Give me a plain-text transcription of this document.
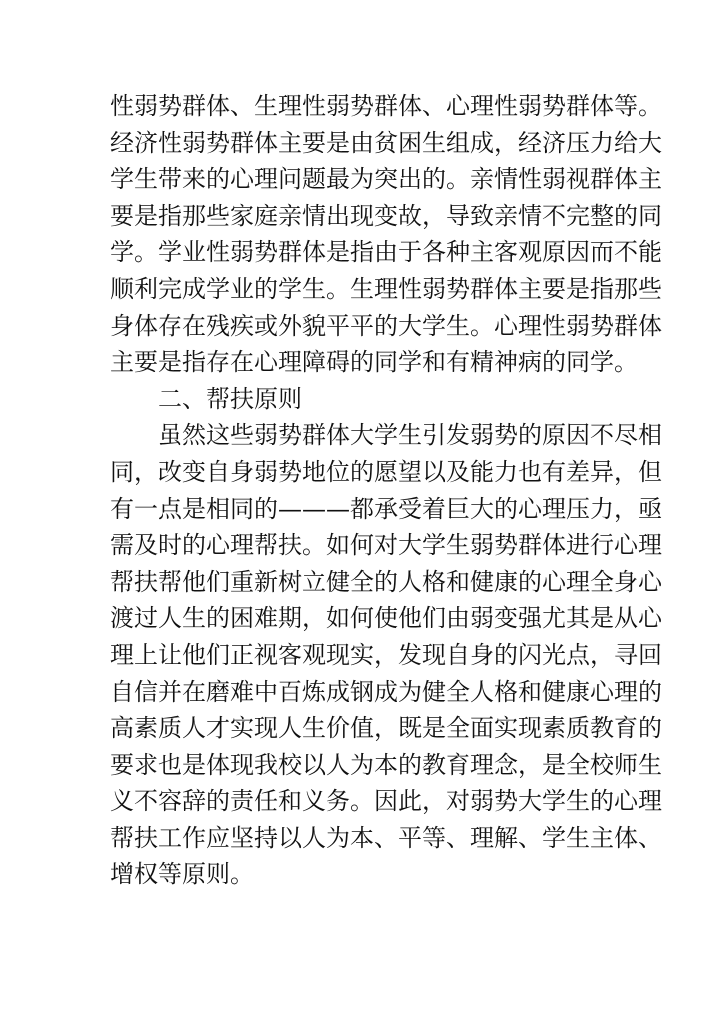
性弱势群体、生理性弱势群体、心理性弱势群体等。
经济性弱势群体主要是由贫困生组成，经济压力给大
学生带来的心理问题最为突出的。亲情性弱视群体主
要是指那些家庭亲情出现变故，导致亲情不完整的同
学。学业性弱势群体是指由于各种主客观原因而不能
顺利完成学业的学生。生理性弱势群体主要是指那些
身体存在残疾或外貌平平的大学生。心理性弱势群体
主要是指存在心理障碍的同学和有精神病的同学。
二、帮扶原则
虽然这些弱势群体大学生引发弱势的原因不尽相
同，改变自身弱势地位的愿望以及能力也有差异，但
有一点是相同的———都承受着巨大的心理压力，亟
需及时的心理帮扶。如何对大学生弱势群体进行心理
帮扶帮他们重新树立健全的人格和健康的心理全身心
渡过人生的困难期，如何使他们由弱变强尤其是从心
理上让他们正视客观现实，发现自身的闪光点，寻回
自信并在磨难中百炼成钢成为健全人格和健康心理的
高素质人才实现人生价值，既是全面实现素质教育的
要求也是体现我校以人为本的教育理念，是全校师生
义不容辞的责任和义务。因此，对弱势大学生的心理
帮扶工作应坚持以人为本、平等、理解、学生主体、
增权等原则。
